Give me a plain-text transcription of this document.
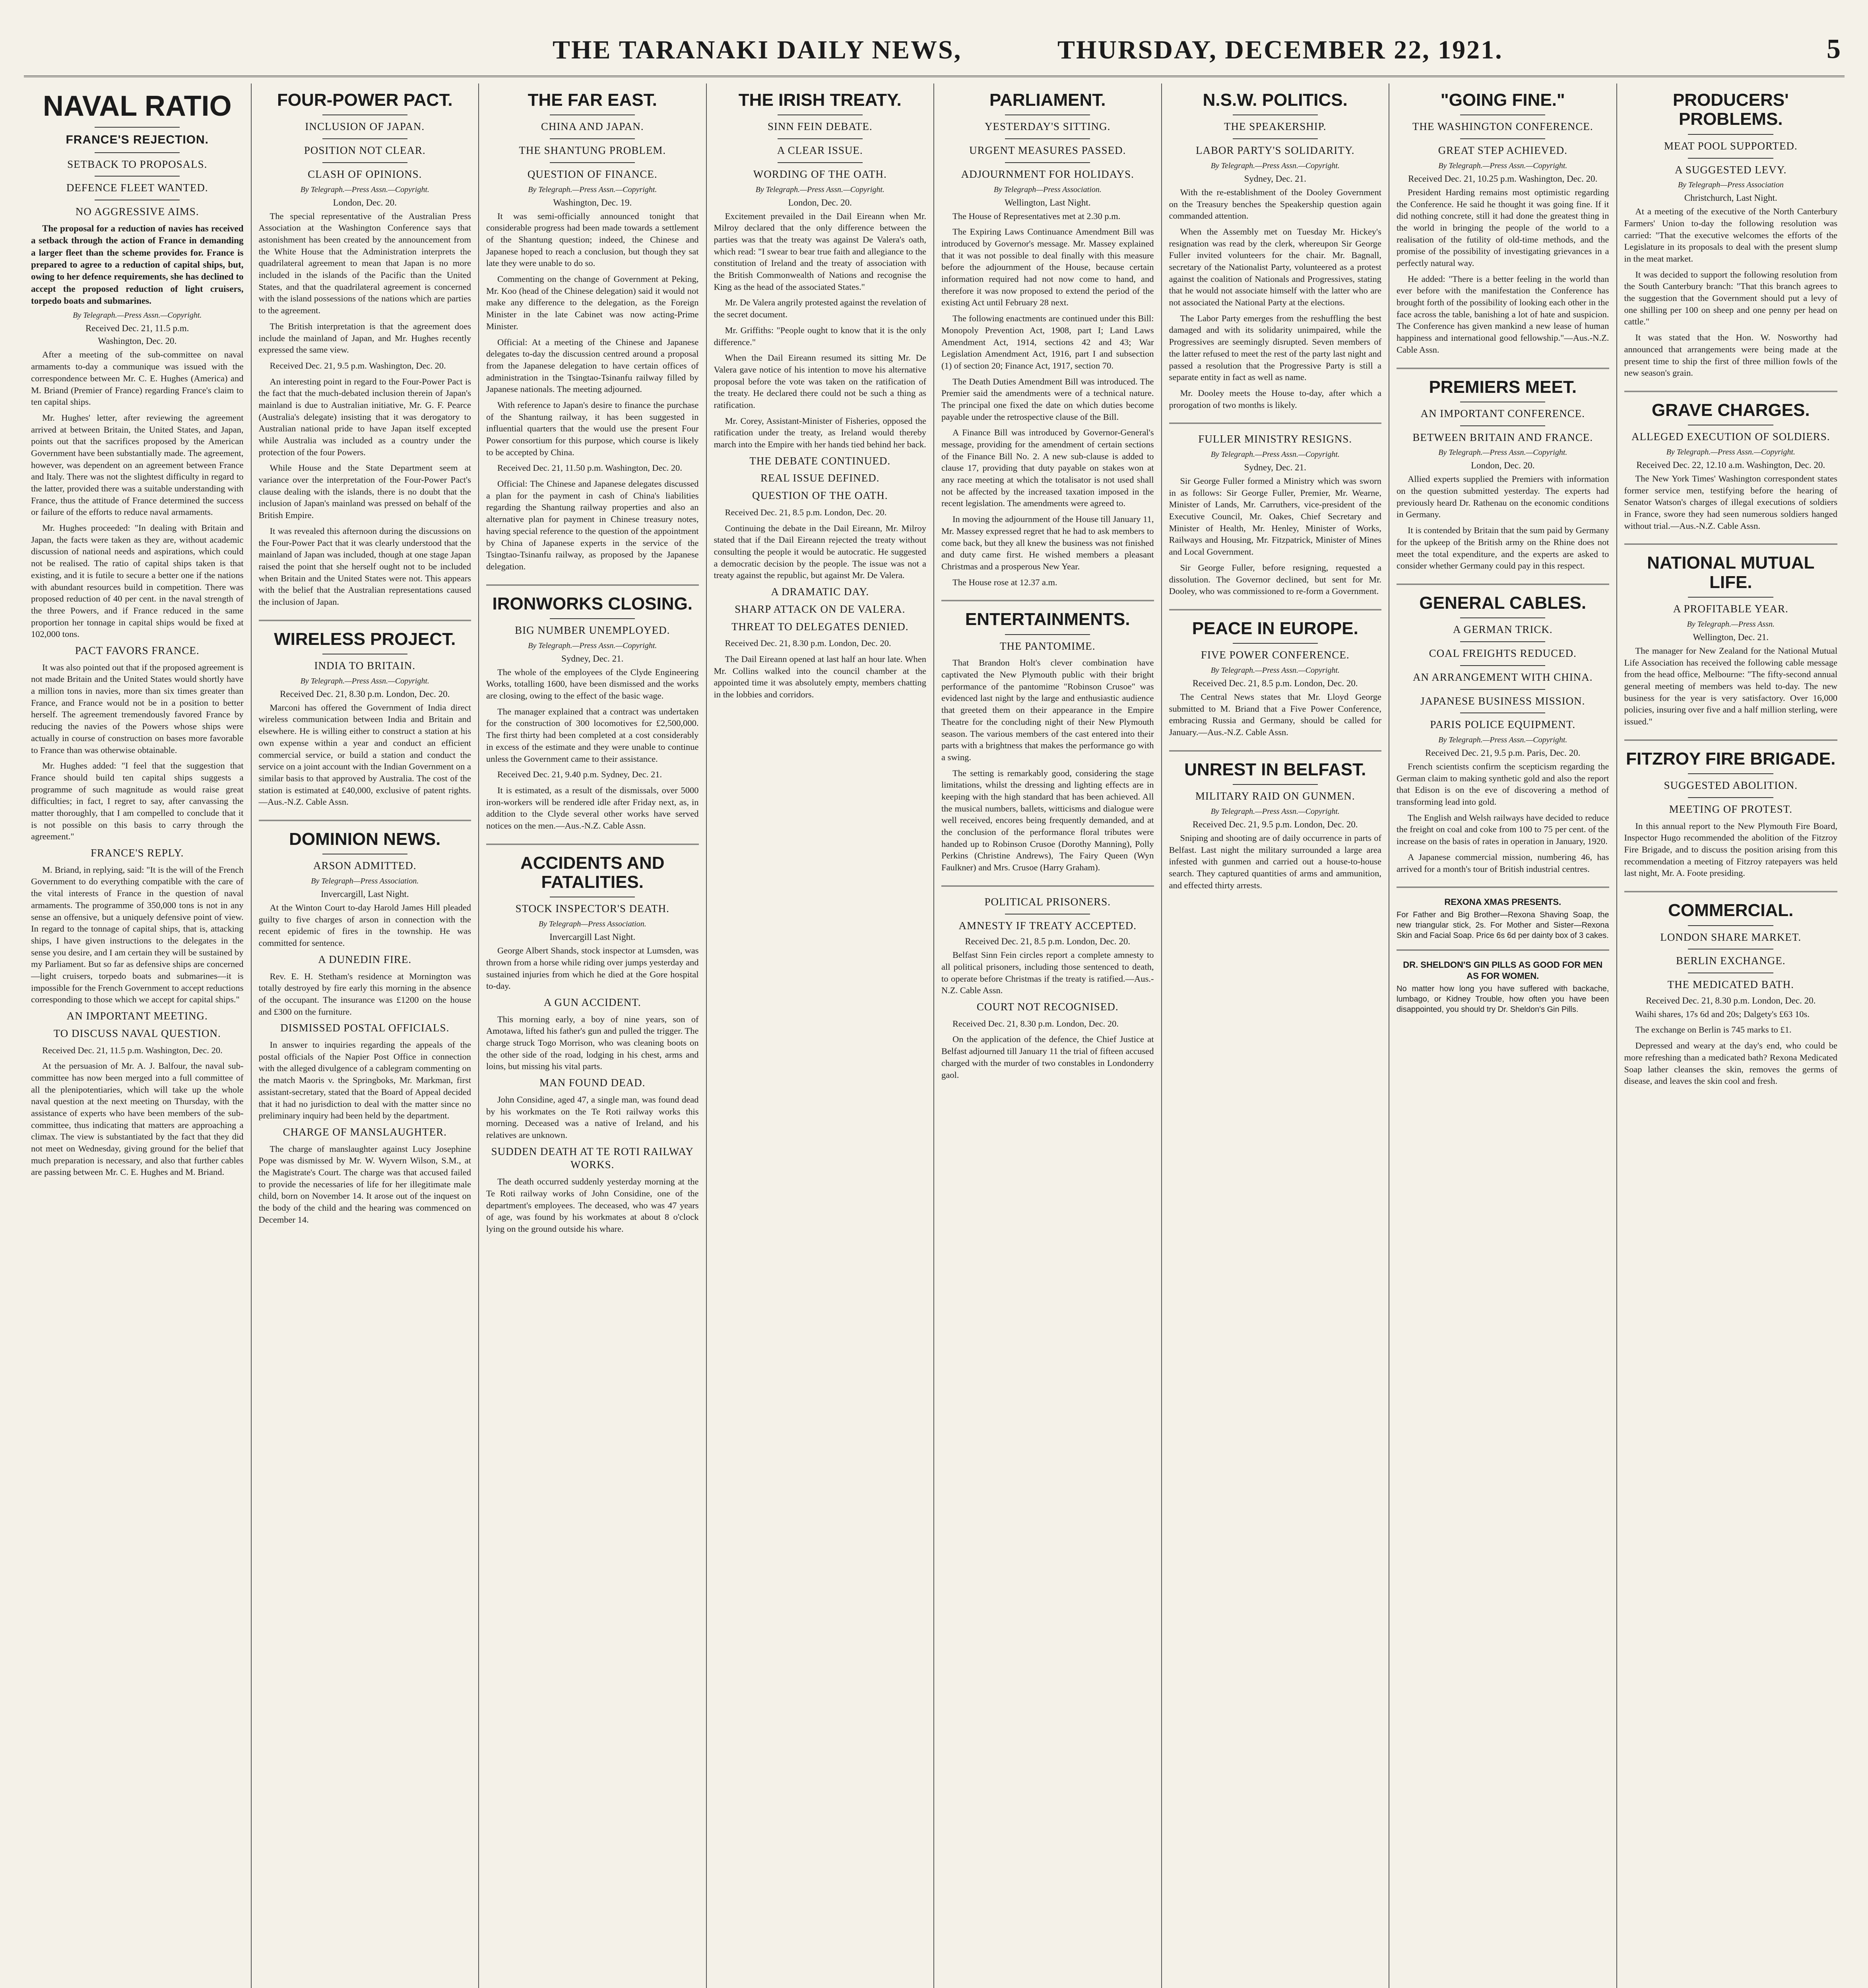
THE TARANAKI DAILY NEWS,	THURSDAY, DECEMBER 22, 1921.	5
NAVAL RATIO
FRANCE'S REJECTION.
SETBACK TO PROPOSALS.
DEFENCE FLEET WANTED.
NO AGGRESSIVE AIMS.

The proposal for a reduction of navies has received a setback through the action of France in demanding a larger fleet than the scheme provides for. France is prepared to agree to a reduction of capital ships, but, owing to her defence requirements, she has declined to accept the proposed reduction of light cruisers, torpedo boats and submarines.

By Telegraph.—Press Assn.—Copyright.
Received Dec. 21, 11.5 p.m.
Washington, Dec. 20.

After a meeting of the sub-committee on naval armaments to-day a communique was issued with the correspondence between Mr. C. E. Hughes (America) and M. Briand (Premier of France) regarding France's claim to ten capital ships.

Mr. Hughes' letter, after reviewing the agreement arrived at between Britain, the United States, and Japan, points out that the sacrifices proposed by the American Government have been substantially made. The agreement, however, was dependent on an agreement between France and Italy. There was not the slightest difficulty in regard to the latter, provided there was a suitable understanding with France, thus the attitude of France determined the success or failure of the efforts to reduce naval armaments.

Mr. Hughes proceeded: "In dealing with Britain and Japan, the facts were taken as they are, without academic discussion of national needs and aspirations, which could not be realised. The ratio of capital ships taken is that existing, and it is futile to secure a better one if the nations with abundant resources build in competition. There was proposed reduction of 40 per cent. in the naval strength of the three Powers, and if France reduced in the same proportion her tonnage in capital ships would be fixed at 102,000 tons.

PACT FAVORS FRANCE.

It was also pointed out that if the proposed agreement is not made Britain and the United States would shortly have a million tons in navies, more than six times greater than France, and France would not be in a position to better herself. The agreement tremendously favored France by reducing the navies of the Powers whose ships were actually in course of construction on bases more favorable to France than was otherwise obtainable.

Mr. Hughes added: "I feel that the suggestion that France should build ten capital ships suggests a programme of such magnitude as would raise great difficulties; in fact, I regret to say, after canvassing the matter thoroughly, that I am compelled to conclude that it is not possible on this basis to carry through the agreement."

FRANCE'S REPLY.

M. Briand, in replying, said: "It is the will of the French Government to do everything compatible with the care of the vital interests of France in the question of naval armaments. The programme of 350,000 tons is not in any sense an offensive, but a uniquely defensive point of view. In regard to the tonnage of capital ships, that is, attacking ships, I have given instructions to the delegates in the sense you desire, and I am certain they will be sustained by my Parliament. But so far as defensive ships are concerned—light cruisers, torpedo boats and submarines—it is impossible for the French Government to accept reductions corresponding to those which we accept for capital ships."

AN IMPORTANT MEETING.
TO DISCUSS NAVAL QUESTION.

Received Dec. 21, 11.5 p.m. Washington, Dec. 20.

At the persuasion of Mr. A. J. Balfour, the naval sub-committee has now been merged into a full committee of all the plenipotentiaries, which will take up the whole naval question at the next meeting on Thursday, with the assistance of experts who have been members of the sub-committee, thus indicating that matters are approaching a climax. The view is substantiated by the fact that they did not meet on Wednesday, giving ground for the belief that much preparation is necessary, and also that further cables are passing between Mr. C. E. Hughes and M. Briand.

FOUR-POWER PACT.
INCLUSION OF JAPAN.
POSITION NOT CLEAR.
CLASH OF OPINIONS.
By Telegraph.—Press Assn.—Copyright.
London, Dec. 20.

The special representative of the Australian Press Association at the Washington Conference says that astonishment has been created by the announcement from the White House that the Administration interprets the quadrilateral agreement to mean that Japan is no more included in the islands of the Pacific than the United States, and that the quadrilateral agreement is concerned with the island possessions of the nations which are parties to the agreement.

The British interpretation is that the agreement does include the mainland of Japan, and Mr. Hughes recently expressed the same view.

Received Dec. 21, 9.5 p.m. Washington, Dec. 20.

An interesting point in regard to the Four-Power Pact is the fact that the much-debated inclusion therein of Japan's mainland is due to Australian initiative, Mr. G. F. Pearce (Australia's delegate) insisting that it was derogatory to Australian national pride to have Japan itself excepted while Australia was included as a country under the protection of the four Powers.

While House and the State Department seem at variance over the interpretation of the Four-Power Pact's clause dealing with the islands, there is no doubt that the inclusion of Japan's mainland was pressed on behalf of the British Empire.

It was revealed this afternoon during the discussions on the Four-Power Pact that it was clearly understood that the mainland of Japan was included, though at one stage Japan raised the point that she herself ought not to be included when Britain and the United States were not. This appears with the belief that the Australian representations caused the inclusion of Japan.

WIRELESS PROJECT.
INDIA TO BRITAIN.
By Telegraph.—Press Assn.—Copyright.
Received Dec. 21, 8.30 p.m. London, Dec. 20.

Marconi has offered the Government of India direct wireless communication between India and Britain and elsewhere. He is willing either to construct a station at his own expense within a year and conduct an efficient commercial service, or build a station and conduct the service on a joint account with the Indian Government on a similar basis to that approved by Australia. The cost of the station is estimated at £40,000, exclusive of patent rights.—Aus.-N.Z. Cable Assn.

DOMINION NEWS.
ARSON ADMITTED.
By Telegraph—Press Association.
Invercargill, Last Night.

At the Winton Court to-day Harold James Hill pleaded guilty to five charges of arson in connection with the recent epidemic of fires in the township. He was committed for sentence.

A DUNEDIN FIRE.

Rev. E. H. Stetham's residence at Mornington was totally destroyed by fire early this morning in the absence of the occupant. The insurance was £1200 on the house and £300 on the furniture.

DISMISSED POSTAL OFFICIALS.

In answer to inquiries regarding the appeals of the postal officials of the Napier Post Office in connection with the alleged divulgence of a cablegram commenting on the match Maoris v. the Springboks, Mr. Markman, first assistant-secretary, stated that the Board of Appeal decided that it had no jurisdiction to deal with the matter since no preliminary inquiry had been held by the department.

CHARGE OF MANSLAUGHTER.

The charge of manslaughter against Lucy Josephine Pope was dismissed by Mr. W. Wyvern Wilson, S.M., at the Magistrate's Court. The charge was that accused failed to provide the necessaries of life for her illegitimate male child, born on November 14. It arose out of the inquest on the body of the child and the hearing was commenced on December 14.

THE FAR EAST.
CHINA AND JAPAN.
THE SHANTUNG PROBLEM.
QUESTION OF FINANCE.
By Telegraph.—Press Assn.—Copyright.
Washington, Dec. 19.

It was semi-officially announced tonight that considerable progress had been made towards a settlement of the Shantung question; indeed, the Chinese and Japanese hoped to reach a conclusion, but though they sat late they were unable to do so.

Commenting on the change of Government at Peking, Mr. Koo (head of the Chinese delegation) said it would not make any difference to the delegation, as the Foreign Minister in the late Cabinet was now acting-Prime Minister.

Official: At a meeting of the Chinese and Japanese delegates to-day the discussion centred around a proposal from the Japanese delegation to have certain offices of administration in the Tsingtao-Tsinanfu railway filled by Japanese nationals. The meeting adjourned.

With reference to Japan's desire to finance the purchase of the Shantung railway, it has been suggested in influential quarters that the would use the present Four Power consortium for this purpose, which course is likely to be accepted by China.

Received Dec. 21, 11.50 p.m. Washington, Dec. 20.

Official: The Chinese and Japanese delegates discussed a plan for the payment in cash of China's liabilities regarding the Shantung railway properties and also an alternative plan for payment in Chinese treasury notes, having special reference to the question of the appointment by China of Japanese experts in the service of the Tsingtao-Tsinanfu railway, as proposed by the Japanese delegation.

IRONWORKS CLOSING.
BIG NUMBER UNEMPLOYED.
By Telegraph.—Press Assn.—Copyright.
Sydney, Dec. 21.

The whole of the employees of the Clyde Engineering Works, totalling 1600, have been dismissed and the works are closing, owing to the effect of the basic wage.

The manager explained that a contract was undertaken for the construction of 300 locomotives for £2,500,000. The first thirty had been completed at a cost considerably in excess of the estimate and they were unable to continue unless the Government came to their assistance.

Received Dec. 21, 9.40 p.m. Sydney, Dec. 21.

It is estimated, as a result of the dismissals, over 5000 iron-workers will be rendered idle after Friday next, as, in addition to the Clyde several other works have served notices on the men.—Aus.-N.Z. Cable Assn.

ACCIDENTS AND FATALITIES.
STOCK INSPECTOR'S DEATH.
By Telegraph—Press Association.
Invercargill Last Night.

George Albert Shands, stock inspector at Lumsden, was thrown from a horse while riding over jumps yesterday and sustained injuries from which he died at the Gore hospital to-day.

A GUN ACCIDENT.

This morning early, a boy of nine years, son of Amotawa, lifted his father's gun and pulled the trigger. The charge struck Togo Morrison, who was cleaning boots on the other side of the road, lodging in his chest, arms and loins, but missing his vital parts.

MAN FOUND DEAD.

John Considine, aged 47, a single man, was found dead by his workmates on the Te Roti railway works this morning. Deceased was a native of Ireland, and his relatives are unknown.

SUDDEN DEATH AT TE ROTI RAILWAY WORKS.

The death occurred suddenly yesterday morning at the Te Roti railway works of John Considine, one of the department's employees. The deceased, who was 47 years of age, was found by his workmates at about 8 o'clock lying on the ground outside his whare.

THE IRISH TREATY.
SINN FEIN DEBATE.
A CLEAR ISSUE.
WORDING OF THE OATH.
By Telegraph.—Press Assn.—Copyright.
London, Dec. 20.

Excitement prevailed in the Dail Eireann when Mr. Milroy declared that the only difference between the parties was that the treaty was against De Valera's oath, which read: "I swear to bear true faith and allegiance to the constitution of Ireland and the treaty of association with the British Commonwealth of Nations and recognise the King as the head of the associated States."

Mr. De Valera angrily protested against the revelation of the secret document.

Mr. Griffiths: "People ought to know that it is the only difference."

When the Dail Eireann resumed its sitting Mr. De Valera gave notice of his intention to move his alternative proposal before the vote was taken on the ratification of the treaty. He declared there could not be such a thing as ratification.

Mr. Corey, Assistant-Minister of Fisheries, opposed the ratification under the treaty, as Ireland would thereby march into the Empire with her hands tied behind her back.

THE DEBATE CONTINUED.
REAL ISSUE DEFINED.
QUESTION OF THE OATH.

Received Dec. 21, 8.5 p.m. London, Dec. 20.

Continuing the debate in the Dail Eireann, Mr. Milroy stated that if the Dail Eireann rejected the treaty without consulting the people it would be autocratic. He suggested a democratic decision by the people. The issue was not a treaty against the republic, but against Mr. De Valera.

A DRAMATIC DAY.
SHARP ATTACK ON DE VALERA.
THREAT TO DELEGATES DENIED.

Received Dec. 21, 8.30 p.m. London, Dec. 20.

The Dail Eireann opened at last half an hour late. When Mr. Collins walked into the council chamber at the appointed time it was absolutely empty, members chatting in the lobbies and corridors.

PARLIAMENT.
YESTERDAY'S SITTING.
URGENT MEASURES PASSED.
ADJOURNMENT FOR HOLIDAYS.
By Telegraph—Press Association.
Wellington, Last Night.

The House of Representatives met at 2.30 p.m.

The Expiring Laws Continuance Amendment Bill was introduced by Governor's message. Mr. Massey explained that it was not possible to deal finally with this measure before the adjournment of the House, because certain information required had not now come to hand, and therefore it was now proposed to extend the period of the existing Act until February 28 next.

The following enactments are continued under this Bill: Monopoly Prevention Act, 1908, part I; Land Laws Amendment Act, 1914, sections 42 and 43; War Legislation Amendment Act, 1916, part I and subsection (1) of section 20; Finance Act, 1917, section 70.

The Death Duties Amendment Bill was introduced. The Premier said the amendments were of a technical nature. The principal one fixed the date on which duties become payable under the retrospective clause of the Bill.

A Finance Bill was introduced by Governor-General's message, providing for the amendment of certain sections of the Finance Bill No. 2. A new sub-clause is added to clause 17, providing that duty payable on stakes won at any race meeting at which the totalisator is not used shall not be affected by the increased taxation imposed in the recent legislation. The amendments were agreed to.

In moving the adjournment of the House till January 11, Mr. Massey expressed regret that he had to ask members to come back, but they all knew the business was not finished and duty came first. He wished members a pleasant Christmas and a prosperous New Year.

The House rose at 12.37 a.m.

ENTERTAINMENTS.
THE PANTOMIME.

That Brandon Holt's clever combination have captivated the New Plymouth public with their bright performance of the pantomime "Robinson Crusoe" was evidenced last night by the large and enthusiastic audience that greeted them on their appearance in the Empire Theatre for the concluding night of their New Plymouth season. The various members of the cast entered into their parts with a brightness that makes the performance go with a swing.

The setting is remarkably good, considering the stage limitations, whilst the dressing and lighting effects are in keeping with the high standard that has been achieved. All the musical numbers, ballets, witticisms and dialogue were well received, encores being frequently demanded, and at the conclusion of the performance floral tributes were handed up to Robinson Crusoe (Dorothy Manning), Polly Perkins (Christine Andrews), The Fairy Queen (Wyn Faulkner) and Mrs. Crusoe (Harry Graham).

POLITICAL PRISONERS.
AMNESTY IF TREATY ACCEPTED.
Received Dec. 21, 8.5 p.m. London, Dec. 20.

Belfast Sinn Fein circles report a complete amnesty to all political prisoners, including those sentenced to death, to operate before Christmas if the treaty is ratified.—Aus.-N.Z. Cable Assn.

COURT NOT RECOGNISED.

Received Dec. 21, 8.30 p.m. London, Dec. 20.

On the application of the defence, the Chief Justice at Belfast adjourned till January 11 the trial of fifteen accused charged with the murder of two constables in Londonderry gaol.

N.S.W. POLITICS.
THE SPEAKERSHIP.
LABOR PARTY'S SOLIDARITY.
By Telegraph.—Press Assn.—Copyright.
Sydney, Dec. 21.

With the re-establishment of the Dooley Government on the Treasury benches the Speakership question again commanded attention.

When the Assembly met on Tuesday Mr. Hickey's resignation was read by the clerk, whereupon Sir George Fuller invited volunteers for the chair. Mr. Bagnall, secretary of the Nationalist Party, volunteered as a protest against the coalition of Nationals and Progressives, stating that he would not associate himself with the latter who are not associated the National Party at the elections.

The Labor Party emerges from the reshuffling the best damaged and with its solidarity unimpaired, while the Progressives are seemingly disrupted. Seven members of the latter refused to meet the rest of the party last night and passed a resolution that the Progressive Party is still a separate entity in fact as well as name.

Mr. Dooley meets the House to-day, after which a prorogation of two months is likely.

FULLER MINISTRY RESIGNS.
By Telegraph.—Press Assn.—Copyright.
Sydney, Dec. 21.

Sir George Fuller formed a Ministry which was sworn in as follows: Sir George Fuller, Premier, Mr. Wearne, Minister of Lands, Mr. Carruthers, vice-president of the Executive Council, Mr. Oakes, Chief Secretary and Minister of Health, Mr. Henley, Minister of Works, Railways and Housing, Mr. Fitzpatrick, Minister of Mines and Local Government.

Sir George Fuller, before resigning, requested a dissolution. The Governor declined, but sent for Mr. Dooley, who was commissioned to re-form a Government.

PEACE IN EUROPE.
FIVE POWER CONFERENCE.
By Telegraph.—Press Assn.—Copyright.
Received Dec. 21, 8.5 p.m. London, Dec. 20.

The Central News states that Mr. Lloyd George submitted to M. Briand that a Five Power Conference, embracing Russia and Germany, should be called for January.—Aus.-N.Z. Cable Assn.

UNREST IN BELFAST.
MILITARY RAID ON GUNMEN.
By Telegraph.—Press Assn.—Copyright.
Received Dec. 21, 9.5 p.m. London, Dec. 20.

Sniping and shooting are of daily occurrence in parts of Belfast. Last night the military surrounded a large area infested with gunmen and carried out a house-to-house search. They captured quantities of arms and ammunition, and effected thirty arrests.

"GOING FINE."
THE WASHINGTON CONFERENCE.
GREAT STEP ACHIEVED.
By Telegraph.—Press Assn.—Copyright.
Received Dec. 21, 10.25 p.m. Washington, Dec. 20.

President Harding remains most optimistic regarding the Conference. He said he thought it was going fine. If it did nothing concrete, still it had done the greatest thing in the world in bringing the people of the world to a realisation of the futility of old-time methods, and the promise of the possibility of investigating grievances in a perfectly natural way.

He added: "There is a better feeling in the world than ever before with the manifestation the Conference has brought forth of the possibility of looking each other in the face across the table, banishing a lot of hate and suspicion. The Conference has given mankind a new lease of human happiness and international good fellowship."—Aus.-N.Z. Cable Assn.

PREMIERS MEET.
AN IMPORTANT CONFERENCE.
BETWEEN BRITAIN AND FRANCE.
By Telegraph.—Press Assn.—Copyright.
London, Dec. 20.

Allied experts supplied the Premiers with information on the question submitted yesterday. The experts had previously heard Dr. Rathenau on the economic conditions in Germany.

It is contended by Britain that the sum paid by Germany for the upkeep of the British army on the Rhine does not meet the total expenditure, and the experts are asked to consider whether Germany could pay in this respect.

GENERAL CABLES.
A GERMAN TRICK.
COAL FREIGHTS REDUCED.
AN ARRANGEMENT WITH CHINA.
JAPANESE BUSINESS MISSION.
PARIS POLICE EQUIPMENT.
By Telegraph.—Press Assn.—Copyright.
Received Dec. 21, 9.5 p.m. Paris, Dec. 20.

French scientists confirm the scepticism regarding the German claim to making synthetic gold and also the report that Edison is on the eve of discovering a method of transforming lead into gold.

The English and Welsh railways have decided to reduce the freight on coal and coke from 100 to 75 per cent. of the increase on the basis of rates in operation in January, 1920.

A Japanese commercial mission, numbering 46, has arrived for a month's tour of British industrial centres.

REXONA XMAS PRESENTS.
For Father and Big Brother—Rexona Shaving Soap, the new triangular stick, 2s. For Mother and Sister—Rexona Skin and Facial Soap. Price 6s 6d per dainty box of 3 cakes.
DR. SHELDON'S GIN PILLS AS GOOD FOR MEN AS FOR WOMEN.
No matter how long you have suffered with backache, lumbago, or Kidney Trouble, how often you have been disappointed, you should try Dr. Sheldon's Gin Pills.
PRODUCERS' PROBLEMS.
MEAT POOL SUPPORTED.
A SUGGESTED LEVY.
By Telegraph—Press Association
Christchurch, Last Night.

At a meeting of the executive of the North Canterbury Farmers' Union to-day the following resolution was carried: "That the executive welcomes the efforts of the Legislature in its proposals to deal with the present slump in the meat market.

It was decided to support the following resolution from the South Canterbury branch: "That this branch agrees to the suggestion that the Government should put a levy of one shilling per 100 on sheep and one penny per head on cattle."

It was stated that the Hon. W. Nosworthy had announced that arrangements were being made at the present time to ship the first of three million fowls of the new season's grain.

GRAVE CHARGES.
ALLEGED EXECUTION OF SOLDIERS.
By Telegraph.—Press Assn.—Copyright.
Received Dec. 22, 12.10 a.m. Washington, Dec. 20.

The New York Times' Washington correspondent states former service men, testifying before the hearing of Senator Watson's charges of illegal executions of soldiers in France, swore they had seen numerous soldiers hanged without trial.—Aus.-N.Z. Cable Assn.

NATIONAL MUTUAL LIFE.
A PROFITABLE YEAR.
By Telegraph.—Press Assn.
Wellington, Dec. 21.

The manager for New Zealand for the National Mutual Life Association has received the following cable message from the head office, Melbourne: "The fifty-second annual general meeting of members was held to-day. The new business for the year is very satisfactory. Over 16,000 policies, insuring over five and a half million sterling, were issued."

FITZROY FIRE BRIGADE.
SUGGESTED ABOLITION.
MEETING OF PROTEST.

In this annual report to the New Plymouth Fire Board, Inspector Hugo recommended the abolition of the Fitzroy Fire Brigade, and to discuss the position arising from this recommendation a meeting of Fitzroy ratepayers was held last night, Mr. A. Foote presiding.

COMMERCIAL.
LONDON SHARE MARKET.
BERLIN EXCHANGE.
THE MEDICATED BATH.
Received Dec. 21, 8.30 p.m. London, Dec. 20.

Waihi shares, 17s 6d and 20s; Dalgety's £63 10s.

The exchange on Berlin is 745 marks to £1.

Depressed and weary at the day's end, who could be more refreshing than a medicated bath? Rexona Medicated Soap lather cleanses the skin, removes the germs of disease, and leaves the skin cool and fresh.
